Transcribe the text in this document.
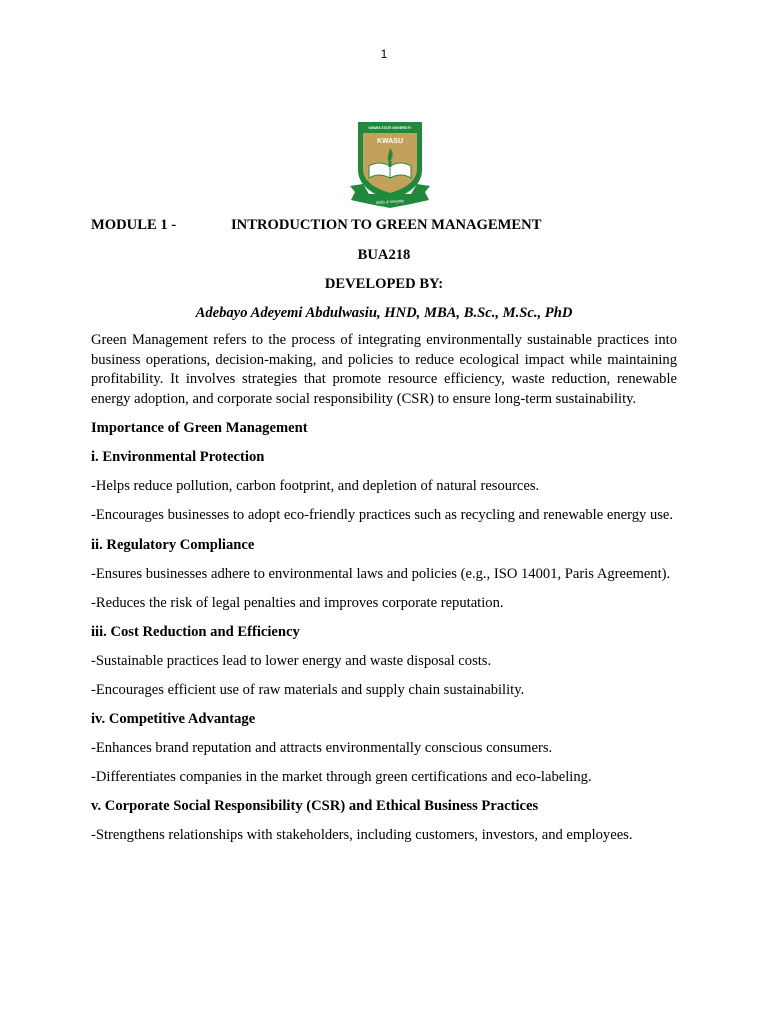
1
KWARA STATE UNIVERSITY
KWASU
Skills & Integrity
MODULE 1 -	INTRODUCTION TO GREEN MANAGEMENT
BUA218
DEVELOPED BY:
Adebayo Adeyemi Abdulwasiu, HND, MBA, B.Sc., M.Sc., PhD

Green Management refers to the process of integrating environmentally sustainable practices into business operations, decision-making, and policies to reduce ecological impact while maintaining profitability. It involves strategies that promote resource efficiency, waste reduction, renewable energy adoption, and corporate social responsibility (CSR) to ensure long-term sustainability.

Importance of Green Management
i. Environmental Protection
-Helps reduce pollution, carbon footprint, and depletion of natural resources.
-Encourages businesses to adopt eco-friendly practices such as recycling and renewable energy use.
ii. Regulatory Compliance
-Ensures businesses adhere to environmental laws and policies (e.g., ISO 14001, Paris Agreement).
-Reduces the risk of legal penalties and improves corporate reputation.
iii. Cost Reduction and Efficiency
-Sustainable practices lead to lower energy and waste disposal costs.
-Encourages efficient use of raw materials and supply chain sustainability.
iv. Competitive Advantage
-Enhances brand reputation and attracts environmentally conscious consumers.
-Differentiates companies in the market through green certifications and eco-labeling.
v. Corporate Social Responsibility (CSR) and Ethical Business Practices
-Strengthens relationships with stakeholders, including customers, investors, and employees.
